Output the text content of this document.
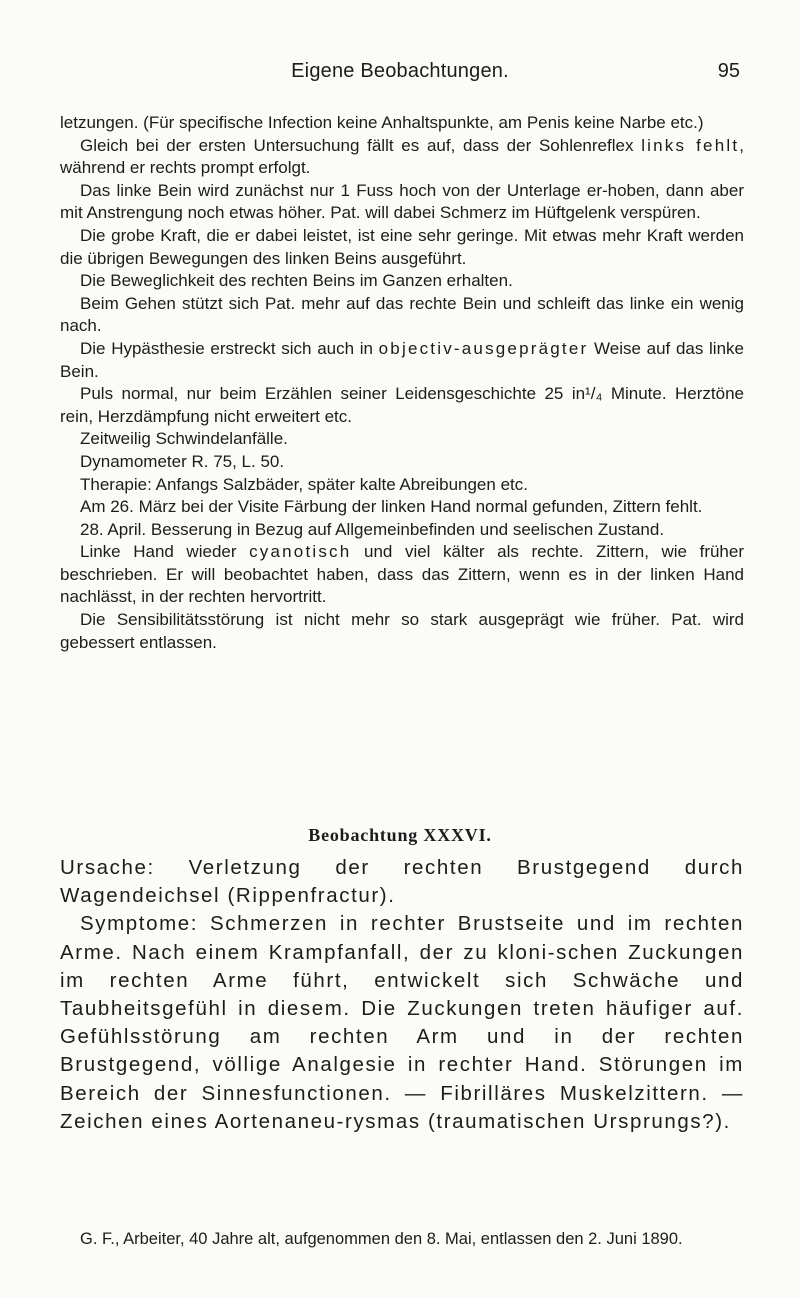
Eigene Beobachtungen.	95

letzungen. (Für specifische Infection keine Anhaltspunkte, am Penis keine Narbe etc.)

Gleich bei der ersten Untersuchung fällt es auf, dass der Sohlenreflex links fehlt, während er rechts prompt erfolgt.

Das linke Bein wird zunächst nur 1 Fuss hoch von der Unterlage er-hoben, dann aber mit Anstrengung noch etwas höher. Pat. will dabei Schmerz im Hüftgelenk verspüren.

Die grobe Kraft, die er dabei leistet, ist eine sehr geringe. Mit etwas mehr Kraft werden die übrigen Bewegungen des linken Beins ausgeführt.

Die Beweglichkeit des rechten Beins im Ganzen erhalten.

Beim Gehen stützt sich Pat. mehr auf das rechte Bein und schleift das linke ein wenig nach.

Die Hypästhesie erstreckt sich auch in objectiv-ausgeprägter Weise auf das linke Bein.

Puls normal, nur beim Erzählen seiner Leidensgeschichte 25 in¹/₄ Minute. Herztöne rein, Herzdämpfung nicht erweitert etc.

Zeitweilig Schwindelanfälle.

Dynamometer R. 75, L. 50.

Therapie: Anfangs Salzbäder, später kalte Abreibungen etc.

Am 26. März bei der Visite Färbung der linken Hand normal gefunden, Zittern fehlt.

28. April. Besserung in Bezug auf Allgemeinbefinden und seelischen Zustand.

Linke Hand wieder cyanotisch und viel kälter als rechte. Zittern, wie früher beschrieben. Er will beobachtet haben, dass das Zittern, wenn es in der linken Hand nachlässt, in der rechten hervortritt.

Die Sensibilitätsstörung ist nicht mehr so stark ausgeprägt wie früher. Pat. wird gebessert entlassen.

Beobachtung XXXVI.

Ursache: Verletzung der rechten Brustgegend durch Wagendeichsel (Rippenfractur).

Symptome: Schmerzen in rechter Brustseite und im rechten Arme. Nach einem Krampfanfall, der zu kloni-schen Zuckungen im rechten Arme führt, entwickelt sich Schwäche und Taubheitsgefühl in diesem. Die Zuckungen treten häufiger auf. Gefühlsstörung am rechten Arm und in der rechten Brustgegend, völlige Analgesie in rechter Hand. Störungen im Bereich der Sinnesfunctionen. — Fibrilläres Muskelzittern. — Zeichen eines Aortenaneu-rysmas (traumatischen Ursprungs?).

G. F., Arbeiter, 40 Jahre alt, aufgenommen den 8. Mai, entlassen den 2. Juni 1890.
